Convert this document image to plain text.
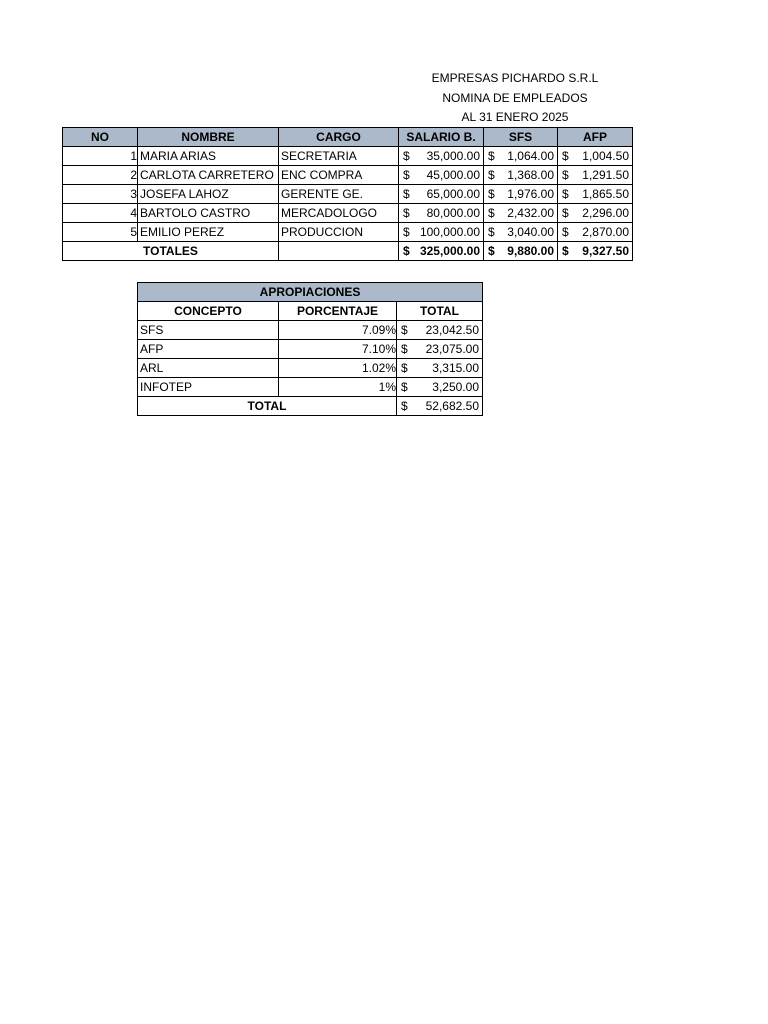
EMPRESAS PICHARDO S.R.L
NOMINA DE EMPLEADOS
AL 31 ENERO 2025
NO	NOMBRE	CARGO	SALARIO B.	SFS	AFP
1	MARIA ARIAS	SECRETARIA	$ 35,000.00	$ 1,064.00	$ 1,004.50

2	CARLOTA CARRETERO	ENC COMPRA	$ 45,000.00	$ 1,368.00	$ 1,291.50

3	JOSEFA LAHOZ	GERENTE GE.	$ 65,000.00	$ 1,976.00	$ 1,865.50

4	BARTOLO CASTRO	MERCADOLOGO	$ 80,000.00	$ 2,432.00	$ 2,296.00

5	EMILIO PEREZ	PRODUCCION	$ 100,000.00	$ 3,040.00	$ 2,870.00

TOTALES			$ 325,000.00	$ 9,880.00	$ 9,327.50
APROPIACIONES		
CONCEPTO	PORCENTAJE	TOTAL
SFS	7.09%	$ 23,042.50

AFP	7.10%	$ 23,075.00

ARL	1.02%	$ 3,315.00

INFOTEP	1%	$ 3,250.00

TOTAL		$ 52,682.50
